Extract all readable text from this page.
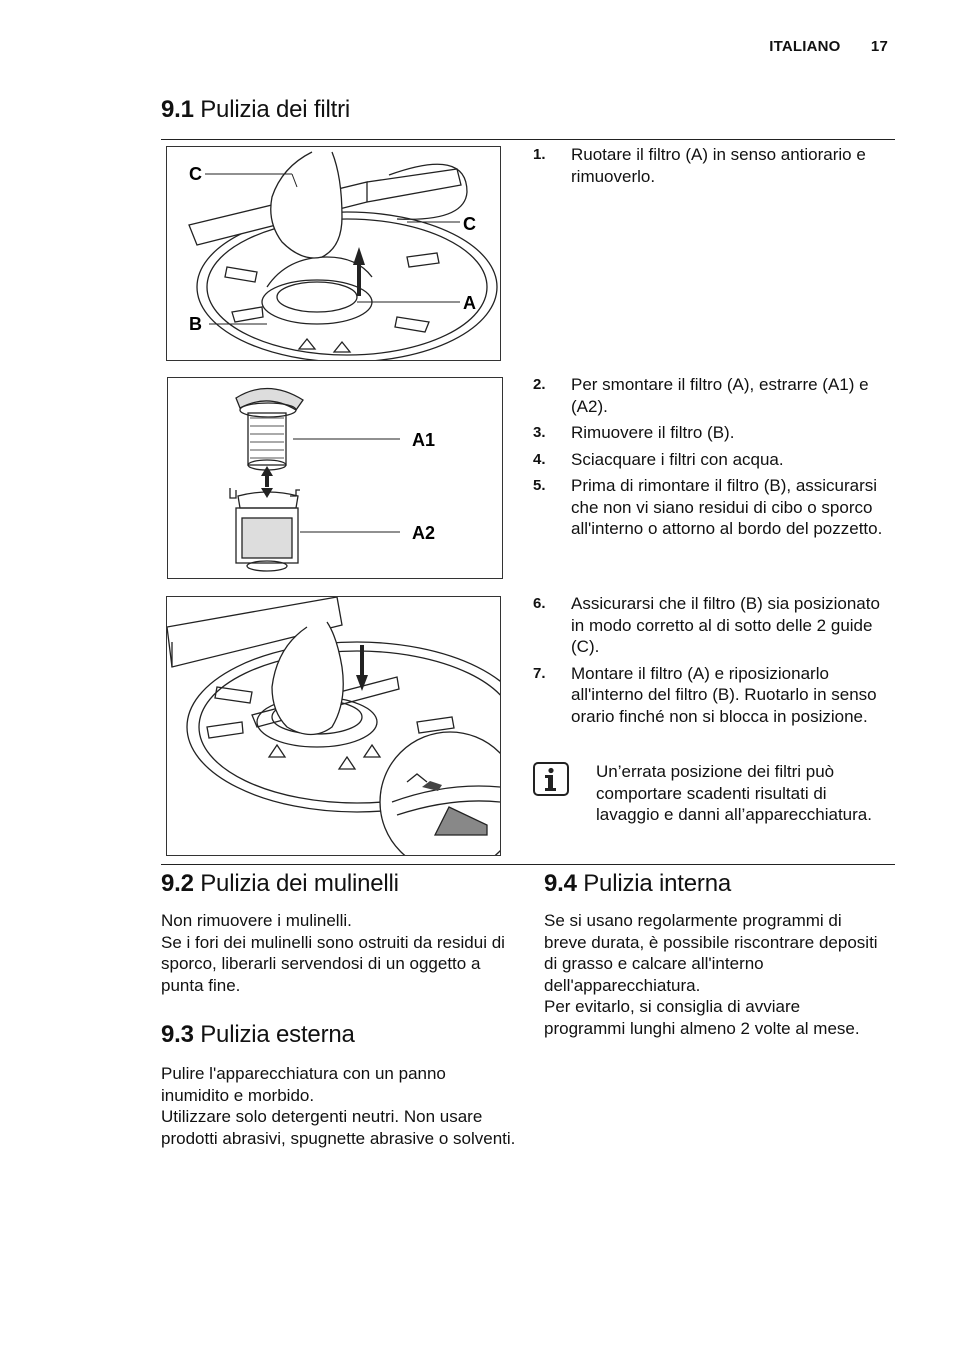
ITALIANO 17
9.1 Pulizia dei filtri
C
C
A
B
1. Ruotare il filtro (A) in senso antiorario e rimuoverlo.
A1
A2
2. Per smontare il filtro (A), estrarre (A1) e (A2).
3. Rimuovere il filtro (B).
4. Sciacquare i filtri con acqua.
5. Prima di rimontare il filtro (B), assicurarsi che non vi siano residui di cibo o sporco all'interno o attorno al bordo del pozzetto.
6. Assicurarsi che il filtro (B) sia posizionato in modo corretto al di sotto delle 2 guide (C).
7. Montare il filtro (A) e riposizionarlo all'interno del filtro (B). Ruotarlo in senso orario finché non si blocca in posizione.
Un’errata posizione dei filtri può comportare scadenti risultati di lavaggio e danni all’apparecchiatura.
9.2 Pulizia dei mulinelli
Non rimuovere i mulinelli.
Se i fori dei mulinelli sono ostruiti da residui di sporco, liberarli servendosi di un oggetto a punta fine.
9.3 Pulizia esterna
Pulire l'apparecchiatura con un panno inumidito e morbido.
Utilizzare solo detergenti neutri. Non usare prodotti abrasivi, spugnette abrasive o solventi.
9.4 Pulizia interna
Se si usano regolarmente programmi di breve durata, è possibile riscontrare depositi di grasso e calcare all'interno dell'apparecchiatura.
Per evitarlo, si consiglia di avviare programmi lunghi almeno 2 volte al mese.
